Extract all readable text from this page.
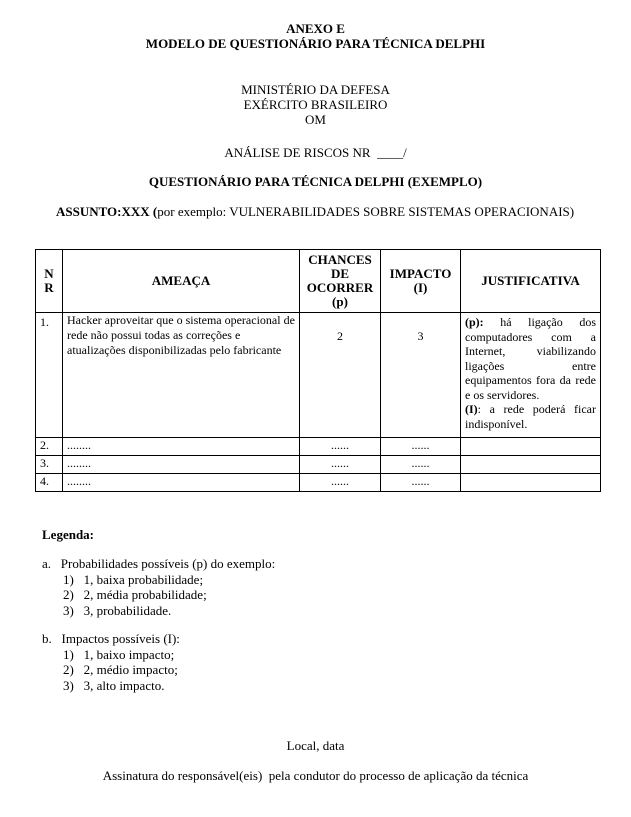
ANEXO E
MODELO DE QUESTIONÁRIO PARA TÉCNICA DELPHI
MINISTÉRIO DA DEFESA
EXÉRCITO BRASILEIRO
OM
ANÁLISE DE RISCOS NR  ____/
QUESTIONÁRIO PARA TÉCNICA DELPHI (EXEMPLO)
ASSUNTO:XXX (por exemplo: VULNERABILIDADES SOBRE SISTEMAS OPERACIONAIS)
N R	AMEAÇA	CHANCES DE OCORRER (p)	IMPACTO (I)	JUSTIFICATIVA
1.	Hacker aproveitar que o sistema operacional de rede não possui todas as correções e atualizações disponibilizadas pelo fabricante	2	3	(p): há ligação dos computadores com a Internet, viabilizando ligações entre equipamentos fora da rede e os servidores.
(I): a rede poderá ficar indisponível.
2.	........	......	......	
3.	........	......	......	
4.	........	......	......	
Legenda:
a.   Probabilidades possíveis (p) do exemplo:
1)   1, baixa probabilidade;
2)   2, média probabilidade;
3)   3, probabilidade.
b.   Impactos possíveis (I):
1)   1, baixo impacto;
2)   2, médio impacto;
3)   3, alto impacto.
Local, data
Assinatura do responsável(eis)  pela condutor do processo de aplicação da técnica
